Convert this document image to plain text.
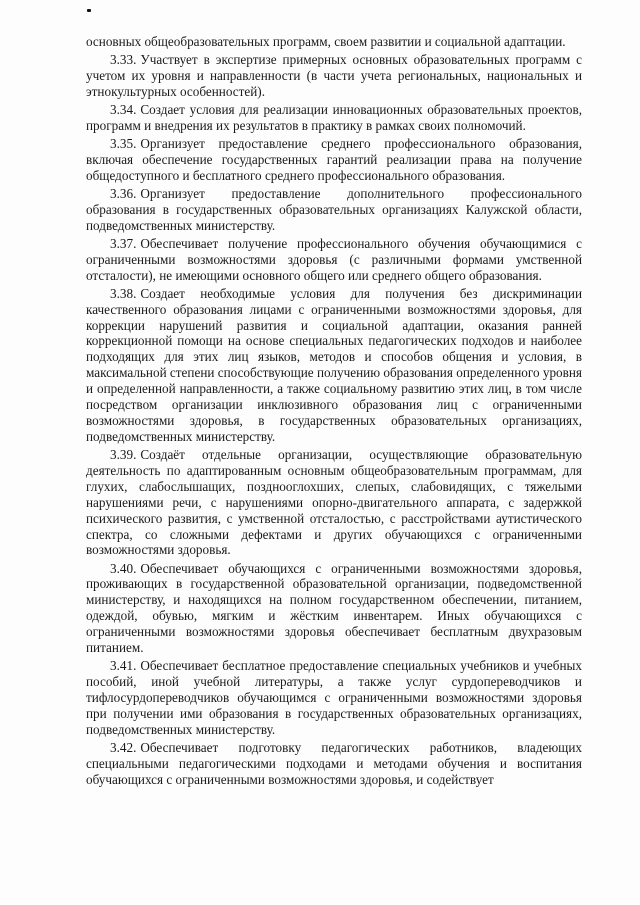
основных общеобразовательных программ, своем развитии и социальной адаптации.

3.33. Участвует в экспертизе примерных основных образовательных программ с учетом их уровня и направленности (в части учета региональных, национальных и этнокультурных особенностей).

3.34. Создает условия для реализации инновационных образовательных проектов, программ и внедрения их результатов в практику в рамках своих полномочий.

3.35. Организует предоставление среднего профессионального образования, включая обеспечение государственных гарантий реализации права на получение общедоступного и бесплатного среднего профессионального образования.

3.36. Организует предоставление дополнительного профессионального образования в государственных образовательных организациях Калужской области, подведомственных министерству.

3.37. Обеспечивает получение профессионального обучения обучающимися с ограниченными возможностями здоровья (с различными формами умственной отсталости), не имеющими основного общего или среднего общего образования.

3.38. Создает необходимые условия для получения без дискриминации качественного образования лицами с ограниченными возможностями здоровья, для коррекции нарушений развития и социальной адаптации, оказания ранней коррекционной помощи на основе специальных педагогических подходов и наиболее подходящих для этих лиц языков, методов и способов общения и условия, в максимальной степени способствующие получению образования определенного уровня и определенной направленности, а также социальному развитию этих лиц, в том числе посредством организации инклюзивного образования лиц с ограниченными возможностями здоровья, в государственных образовательных организациях, подведомственных министерству.

3.39. Создаёт отдельные организации, осуществляющие образовательную деятельность по адаптированным основным общеобразовательным программам, для глухих, слабослышащих, позднооглохших, слепых, слабовидящих, с тяжелыми нарушениями речи, с нарушениями опорно-двигательного аппарата, с задержкой психического развития, с умственной отсталостью, с расстройствами аутистического спектра, со сложными дефектами и других обучающихся с ограниченными возможностями здоровья.

3.40. Обеспечивает обучающихся с ограниченными возможностями здоровья, проживающих в государственной образовательной организации, подведомственной министерству, и находящихся на полном государственном обеспечении, питанием, одеждой, обувью, мягким и жёстким инвентарем. Иных обучающихся с ограниченными возможностями здоровья обеспечивает бесплатным двухразовым питанием.

3.41. Обеспечивает бесплатное предоставление специальных учебников и учебных пособий, иной учебной литературы, а также услуг сурдопереводчиков и тифлосурдопереводчиков обучающимся с ограниченными возможностями здоровья при получении ими образования в государственных образовательных организациях, подведомственных министерству.

3.42. Обеспечивает подготовку педагогических работников, владеющих специальными педагогическими подходами и методами обучения и воспитания обучающихся с ограниченными возможностями здоровья, и содействует
